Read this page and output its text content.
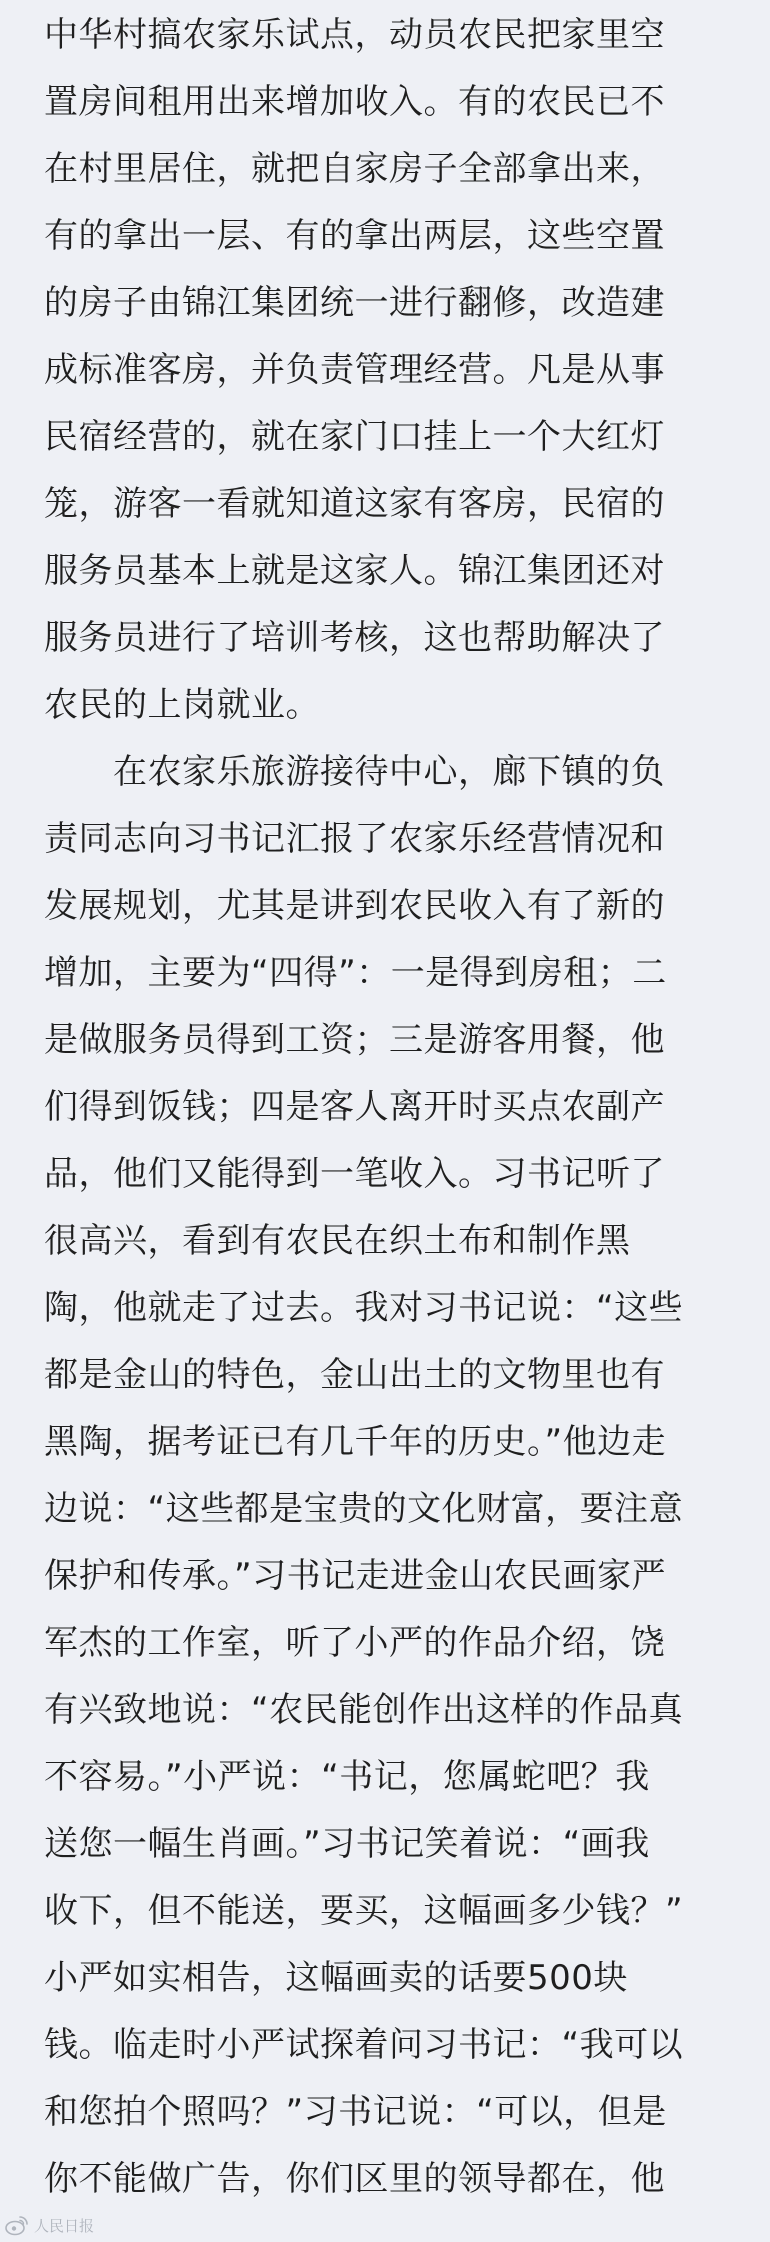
中华村搞农家乐试点，动员农民把家里空
置房间租用出来增加收入。有的农民已不
在村里居住，就把自家房子全部拿出来，
有的拿出一层、有的拿出两层，这些空置
的房子由锦江集团统一进行翻修，改造建
成标准客房，并负责管理经营。凡是从事
民宿经营的，就在家门口挂上一个大红灯
笼，游客一看就知道这家有客房，民宿的
服务员基本上就是这家人。锦江集团还对
服务员进行了培训考核，这也帮助解决了
农民的上岗就业。
　　在农家乐旅游接待中心，廊下镇的负
责同志向习书记汇报了农家乐经营情况和
发展规划，尤其是讲到农民收入有了新的
增加，主要为“四得”：一是得到房租；二
是做服务员得到工资；三是游客用餐，他
们得到饭钱；四是客人离开时买点农副产
品，他们又能得到一笔收入。习书记听了
很高兴，看到有农民在织土布和制作黑
陶，他就走了过去。我对习书记说：“这些
都是金山的特色，金山出土的文物里也有
黑陶，据考证已有几千年的历史。”他边走
边说：“这些都是宝贵的文化财富，要注意
保护和传承。”习书记走进金山农民画家严
军杰的工作室，听了小严的作品介绍，饶
有兴致地说：“农民能创作出这样的作品真
不容易。”小严说：“书记，您属蛇吧？我
送您一幅生肖画。”习书记笑着说：“画我
收下，但不能送，要买，这幅画多少钱？”
小严如实相告，这幅画卖的话要500块
钱。临走时小严试探着问习书记：“我可以
和您拍个照吗？”习书记说：“可以，但是
你不能做广告，你们区里的领导都在，他
人民日报
